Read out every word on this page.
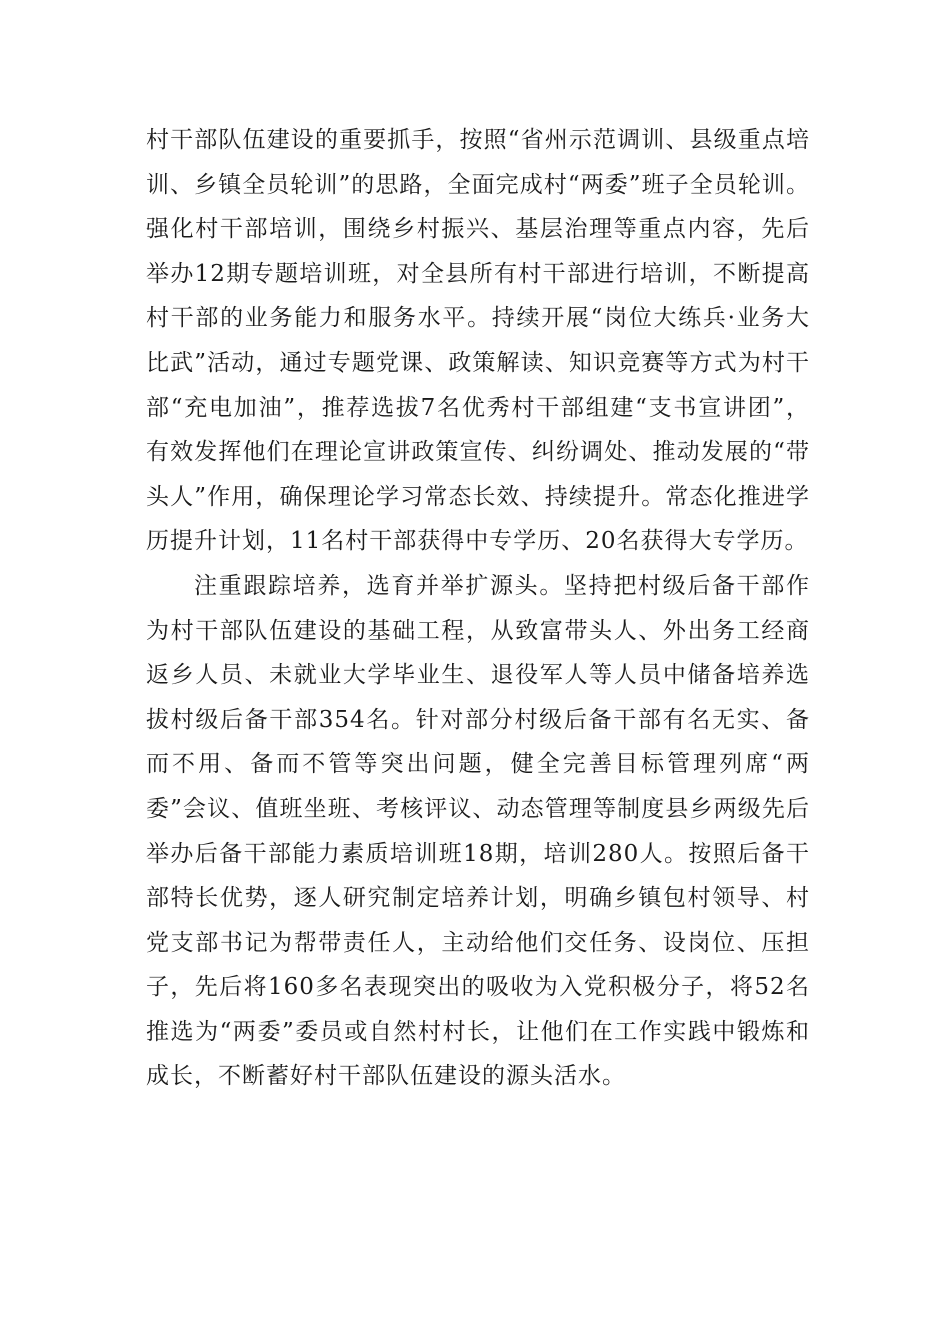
村干部队伍建设的重要抓手，按照“省州示范调训、县级重点培训、乡镇全员轮训”的思路，全面完成村“两委”班子全员轮训。强化村干部培训，围绕乡村振兴、基层治理等重点内容，先后举办12期专题培训班，对全县所有村干部进行培训，不断提高村干部的业务能力和服务水平。持续开展“岗位大练兵·业务大比武”活动，通过专题党课、政策解读、知识竞赛等方式为村干部“充电加油”，推荐选拔7名优秀村干部组建“支书宣讲团”，有效发挥他们在理论宣讲政策宣传、纠纷调处、推动发展的“带头人”作用，确保理论学习常态长效、持续提升。常态化推进学历提升计划，11名村干部获得中专学历、20名获得大专学历。

注重跟踪培养，选育并举扩源头。坚持把村级后备干部作为村干部队伍建设的基础工程，从致富带头人、外出务工经商返乡人员、未就业大学毕业生、退役军人等人员中储备培养选拔村级后备干部354名。针对部分村级后备干部有名无实、备而不用、备而不管等突出问题，健全完善目标管理列席“两委”会议、值班坐班、考核评议、动态管理等制度县乡两级先后举办后备干部能力素质培训班18期，培训280人。按照后备干部特长优势，逐人研究制定培养计划，明确乡镇包村领导、村党支部书记为帮带责任人，主动给他们交任务、设岗位、压担子，先后将160多名表现突出的吸收为入党积极分子，将52名推选为“两委”委员或自然村村长，让他们在工作实践中锻炼和成长，不断蓄好村干部队伍建设的源头活水。
